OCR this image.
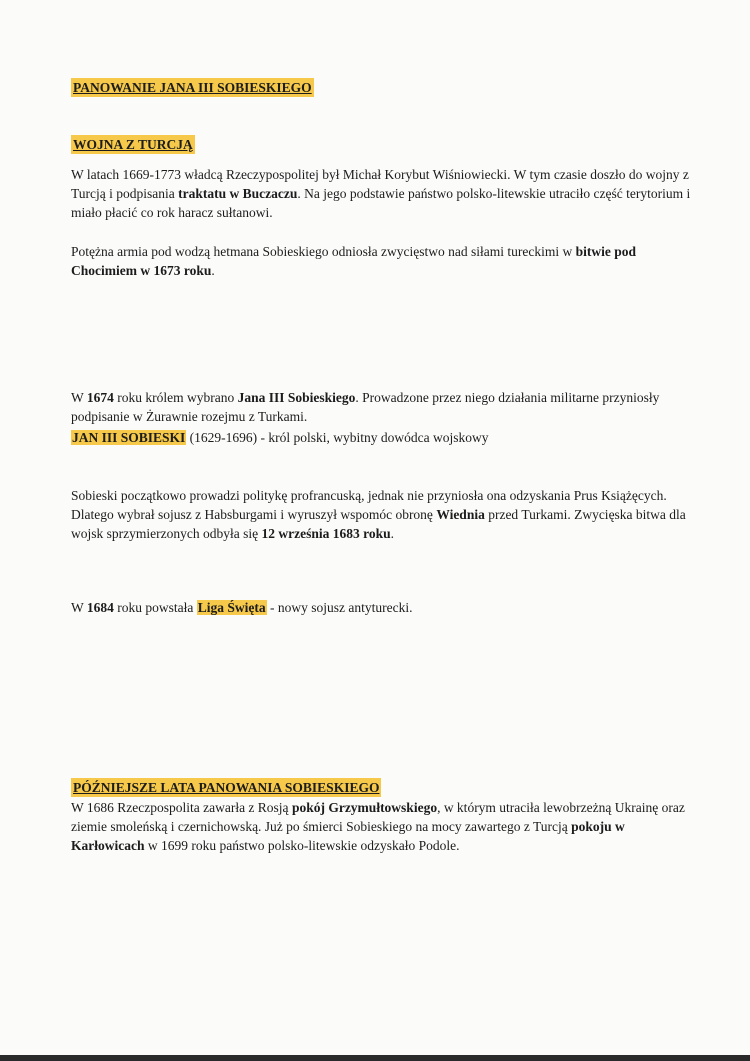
PANOWANIE JANA III SOBIESKIEGO
WOJNA Z TURCJĄ

W latach 1669-1773 władcą Rzeczypospolitej był Michał Korybut Wiśniowiecki. W tym czasie doszło do wojny z Turcją i podpisania traktatu w Buczaczu. Na jego podstawie państwo polsko-litewskie utraciło część terytorium i miało płacić co rok haracz sułtanowi.

Potężna armia pod wodzą hetmana Sobieskiego odniosła zwycięstwo nad siłami tureckimi w bitwie pod Chocimiem w 1673 roku.

W 1674 roku królem wybrano Jana III Sobieskiego. Prowadzone przez niego działania militarne przyniosły podpisanie w Żurawnie rozejmu z Turkami.

JAN III SOBIESKI (1629-1696) - król polski, wybitny dowódca wojskowy

Sobieski początkowo prowadzi politykę profrancuską, jednak nie przyniosła ona odzyskania Prus Książęcych. Dlatego wybrał sojusz z Habsburgami i wyruszył wspomóc obronę Wiednia przed Turkami. Zwycięska bitwa dla wojsk sprzymierzonych odbyła się 12 września 1683 roku.

W 1684 roku powstała Liga Święta - nowy sojusz antyturecki.

PÓŹNIEJSZE LATA PANOWANIA SOBIESKIEGO

W 1686 Rzeczpospolita zawarła z Rosją pokój Grzymułtowskiego, w którym utraciła lewobrzeżną Ukrainę oraz ziemie smoleńską i czernichowską. Już po śmierci Sobieskiego na mocy zawartego z Turcją pokoju w Karłowicach w 1699 roku państwo polsko-litewskie odzyskało Podole.
